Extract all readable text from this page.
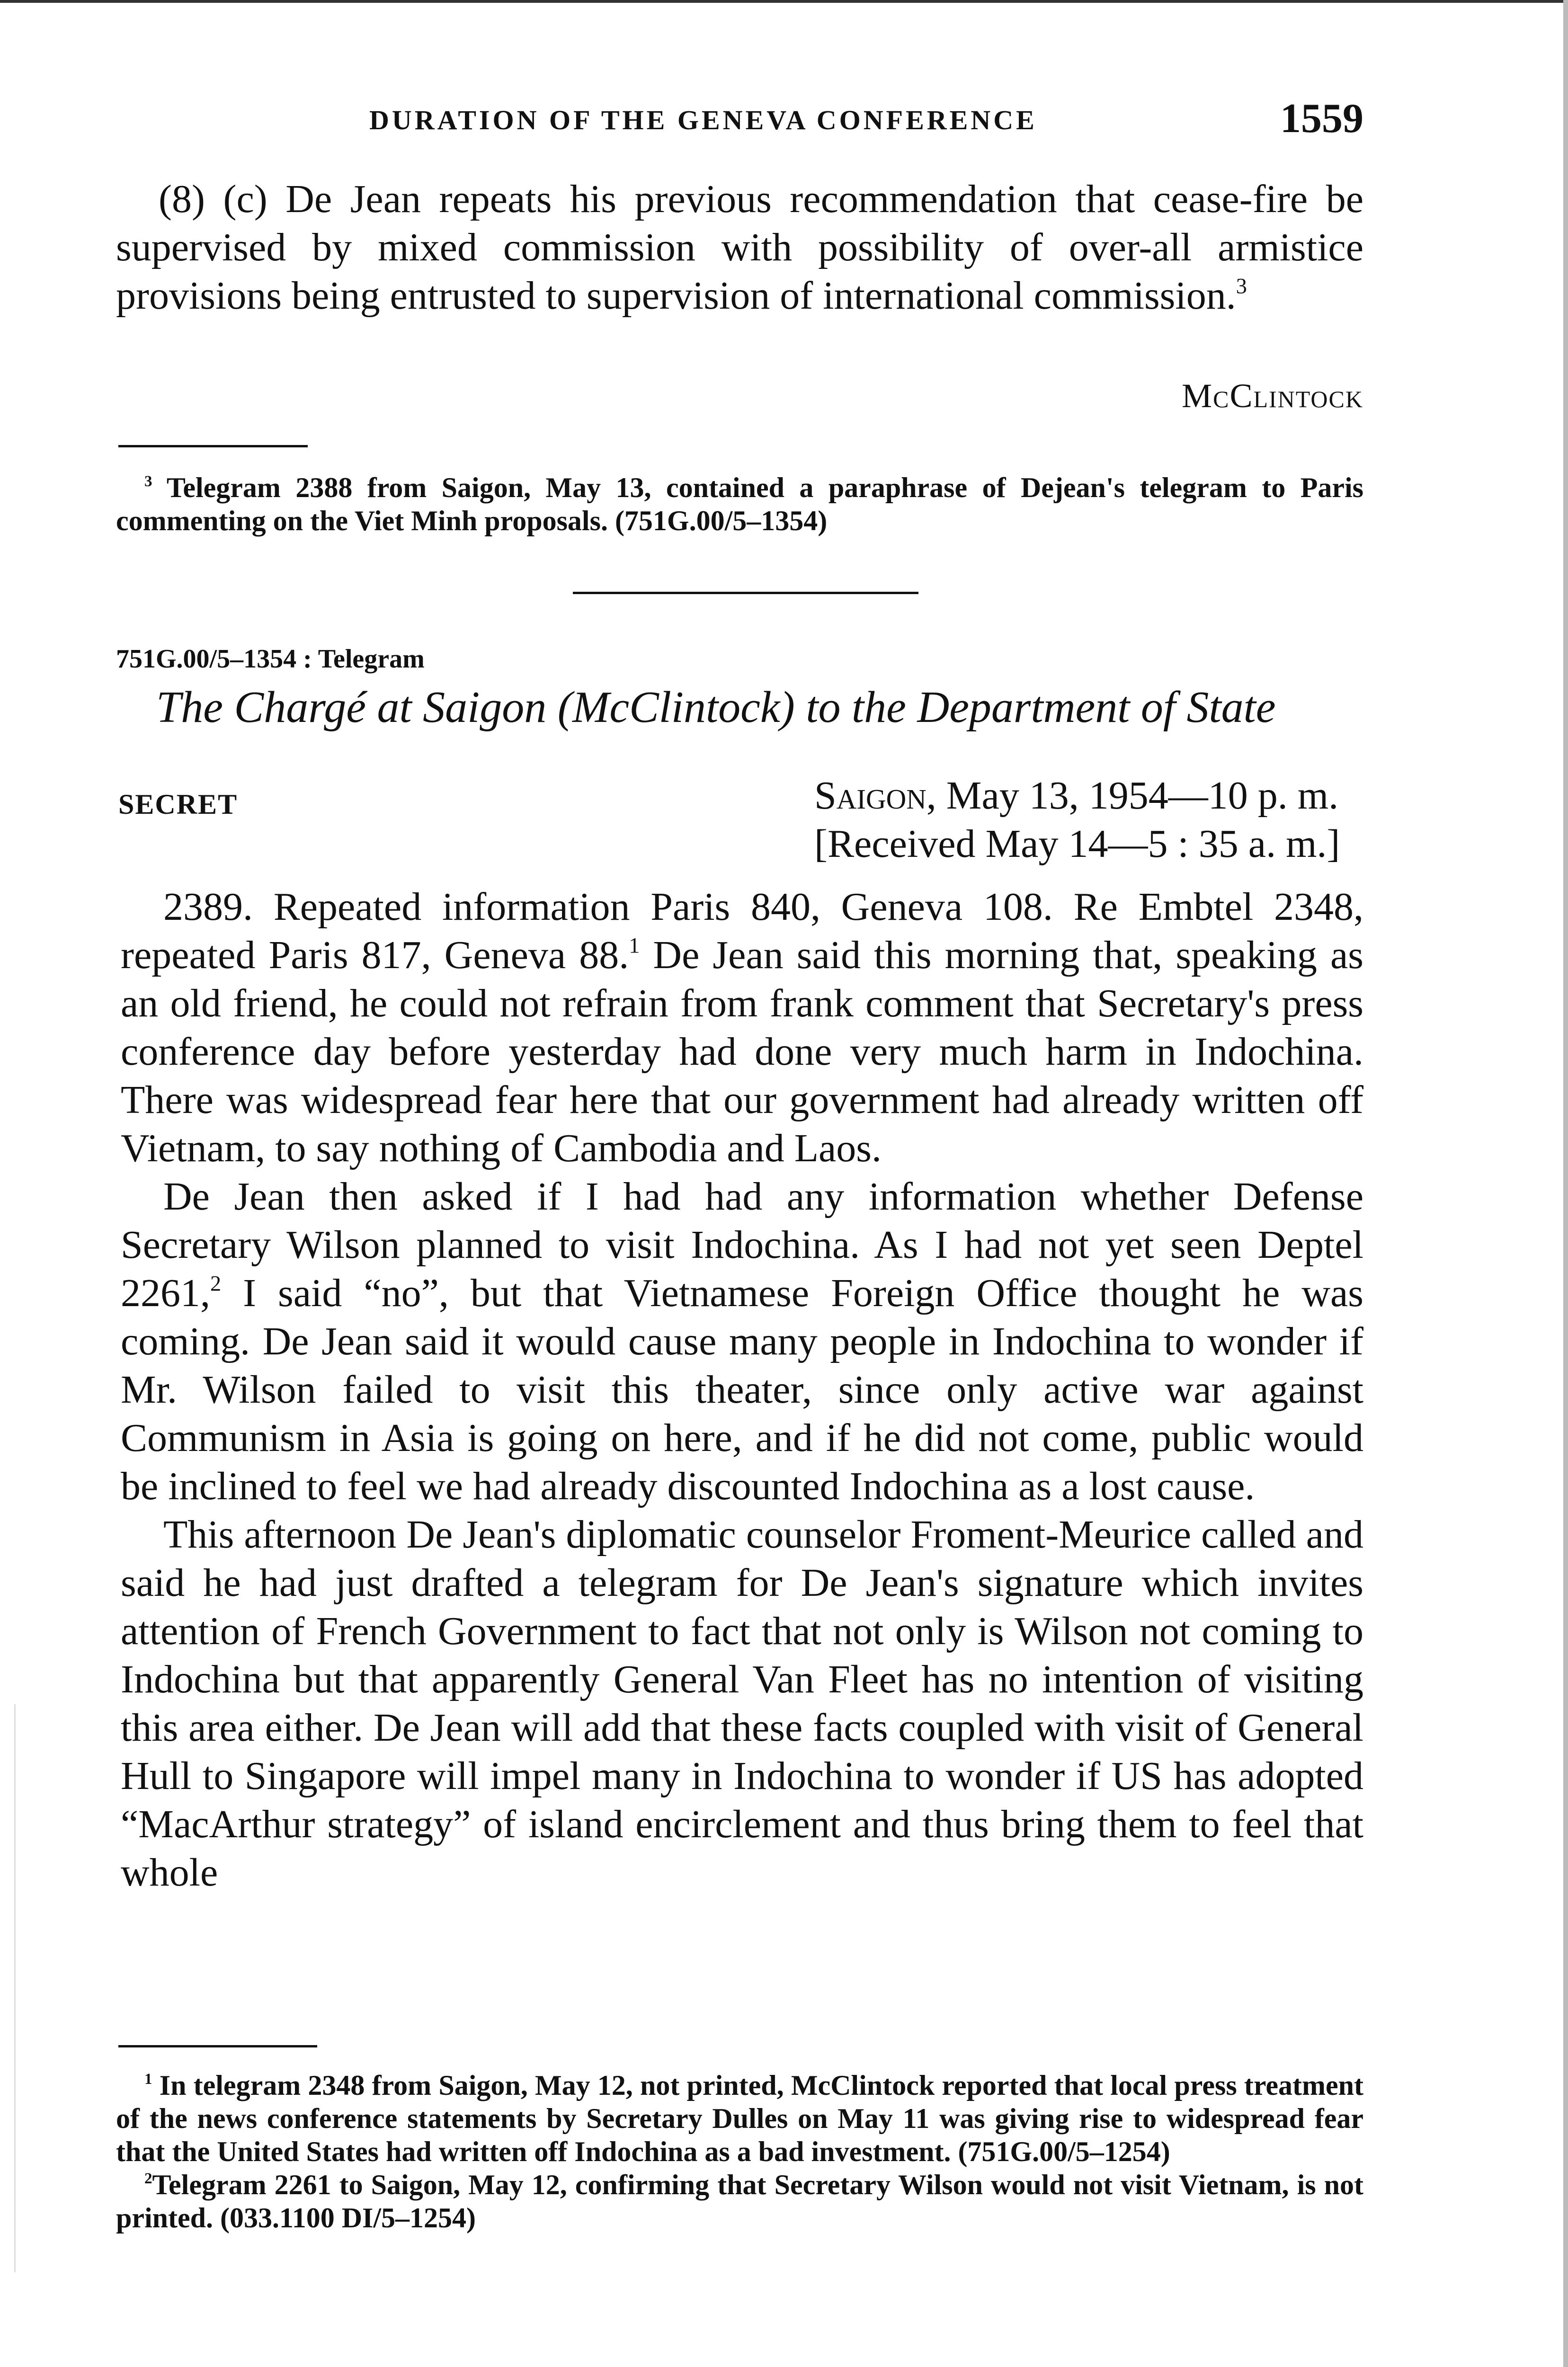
DURATION OF THE GENEVA CONFERENCE	1559

(8) (c) De Jean repeats his previous recommendation that cease-fire be supervised by mixed commission with possibility of over-all armistice provisions being entrusted to supervision of international commission.$^3$

McClintock

$^3$ Telegram 2388 from Saigon, May 13, contained a paraphrase of Dejean's telegram to Paris commenting on the Viet Minh proposals. (751G.00/5–1354)

751G.00/5–1354 : Telegram
The Chargé at Saigon (McClintock) to the Department of State
SECRET	Saigon, May 13, 1954—10 p. m.
[Received May 14—5 : 35 a. m.]

2389. Repeated information Paris 840, Geneva 108. Re Embtel 2348, repeated Paris 817, Geneva 88.$^1$ De Jean said this morning that, speaking as an old friend, he could not refrain from frank comment that Secretary's press conference day before yesterday had done very much harm in Indochina. There was widespread fear here that our government had already written off Vietnam, to say nothing of Cambodia and Laos.

De Jean then asked if I had had any information whether Defense Secretary Wilson planned to visit Indochina. As I had not yet seen Deptel 2261,$^2$ I said “no”, but that Vietnamese Foreign Office thought he was coming. De Jean said it would cause many people in Indochina to wonder if Mr. Wilson failed to visit this theater, since only active war against Communism in Asia is going on here, and if he did not come, public would be inclined to feel we had already discounted Indochina as a lost cause.

This afternoon De Jean's diplomatic counselor Froment-Meurice called and said he had just drafted a telegram for De Jean's signature which invites attention of French Government to fact that not only is Wilson not coming to Indochina but that apparently General Van Fleet has no intention of visiting this area either. De Jean will add that these facts coupled with visit of General Hull to Singapore will impel many in Indochina to wonder if US has adopted “MacArthur strategy” of island encirclement and thus bring them to feel that whole

$^1$ In telegram 2348 from Saigon, May 12, not printed, McClintock reported that local press treatment of the news conference statements by Secretary Dulles on May 11 was giving rise to widespread fear that the United States had written off Indochina as a bad investment. (751G.00/5–1254)

$^2$Telegram 2261 to Saigon, May 12, confirming that Secretary Wilson would not visit Vietnam, is not printed. (033.1100 DI/5–1254)
